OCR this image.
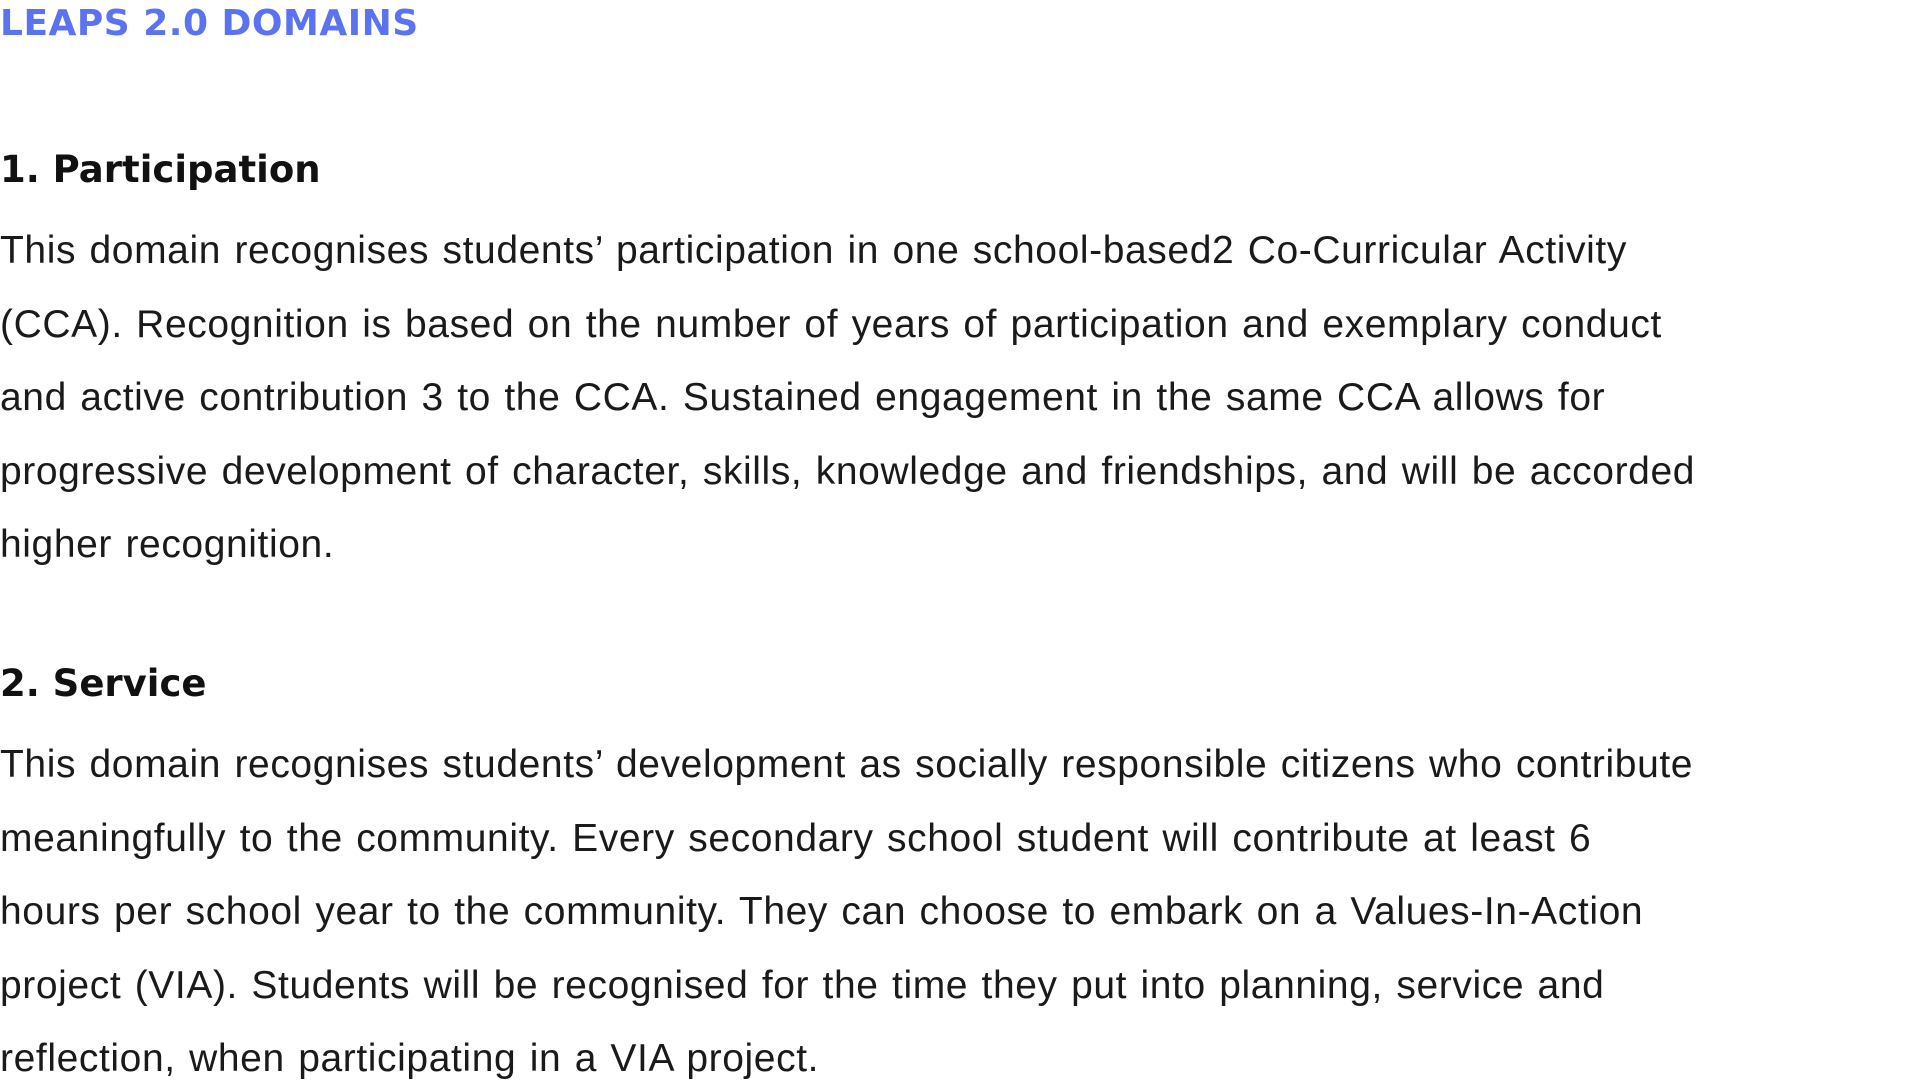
LEAPS 2.0 DOMAINS
1. Participation

This domain recognises students’ participation in one school-based2 Co-Curricular Activity
(CCA). Recognition is based on the number of years of participation and exemplary conduct
and active contribution 3 to the CCA. Sustained engagement in the same CCA allows for
progressive development of character, skills, knowledge and friendships, and will be accorded
higher recognition.

2. Service

This domain recognises students’ development as socially responsible citizens who contribute
meaningfully to the community. Every secondary school student will contribute at least 6
hours per school year to the community. They can choose to embark on a Values-In-Action
project (VIA). Students will be recognised for the time they put into planning, service and
reflection, when participating in a VIA project.
